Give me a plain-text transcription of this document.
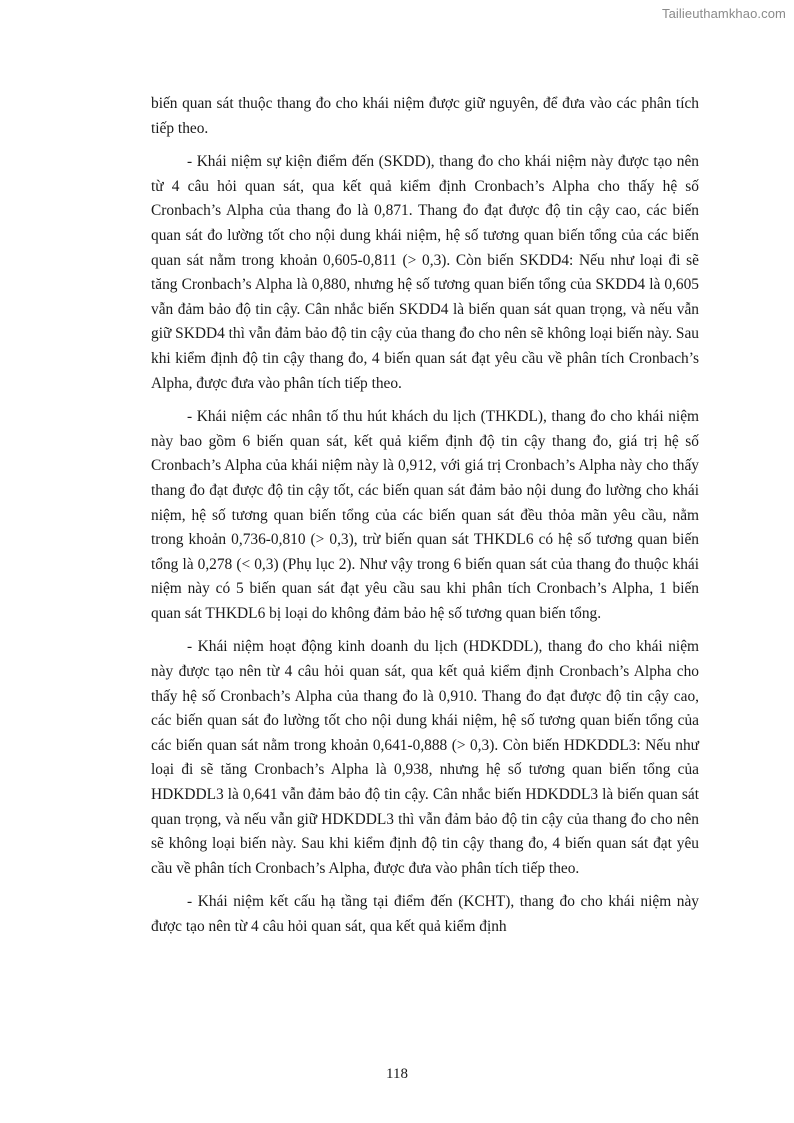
Tailieuthamkhao.com

biến quan sát thuộc thang đo cho khái niệm được giữ nguyên, để đưa vào các phân tích tiếp theo.

- Khái niệm sự kiện điểm đến (SKDD), thang đo cho khái niệm này được tạo nên từ 4 câu hỏi quan sát, qua kết quả kiểm định Cronbach’s Alpha cho thấy hệ số Cronbach’s Alpha của thang đo là 0,871. Thang đo đạt được độ tin cậy cao, các biến quan sát đo lường tốt cho nội dung khái niệm, hệ số tương quan biến tổng của các biến quan sát nằm trong khoản 0,605-0,811 (> 0,3). Còn biến SKDD4: Nếu như loại đi sẽ tăng Cronbach’s Alpha là 0,880, nhưng hệ số tương quan biến tổng của SKDD4 là 0,605 vẫn đảm bảo độ tin cậy. Cân nhắc biến SKDD4 là biến quan sát quan trọng, và nếu vẫn giữ SKDD4 thì vẫn đảm bảo độ tin cậy của thang đo cho nên sẽ không loại biến này. Sau khi kiểm định độ tin cậy thang đo, 4 biến quan sát đạt yêu cầu về phân tích Cronbach’s Alpha, được đưa vào phân tích tiếp theo.

- Khái niệm các nhân tố thu hút khách du lịch (THKDL), thang đo cho khái niệm này bao gồm 6 biến quan sát, kết quả kiểm định độ tin cậy thang đo, giá trị hệ số Cronbach’s Alpha của khái niệm này là 0,912, với giá trị Cronbach’s Alpha này cho thấy thang đo đạt được độ tin cậy tốt, các biến quan sát đảm bảo nội dung đo lường cho khái niệm, hệ số tương quan biến tổng của các biến quan sát đều thỏa mãn yêu cầu, nằm trong khoản 0,736-0,810 (> 0,3), trừ biến quan sát THKDL6 có hệ số tương quan biến tổng là 0,278 (< 0,3) (Phụ lục 2). Như vậy trong 6 biến quan sát của thang đo thuộc khái niệm này có 5 biến quan sát đạt yêu cầu sau khi phân tích Cronbach’s Alpha, 1 biến quan sát THKDL6 bị loại do không đảm bảo hệ số tương quan biến tổng.

- Khái niệm hoạt động kinh doanh du lịch (HDKDDL), thang đo cho khái niệm này được tạo nên từ 4 câu hỏi quan sát, qua kết quả kiểm định Cronbach’s Alpha cho thấy hệ số Cronbach’s Alpha của thang đo là 0,910. Thang đo đạt được độ tin cậy cao, các biến quan sát đo lường tốt cho nội dung khái niệm, hệ số tương quan biến tổng của các biến quan sát nằm trong khoản 0,641-0,888 (> 0,3). Còn biến HDKDDL3: Nếu như loại đi sẽ tăng Cronbach’s Alpha là 0,938, nhưng hệ số tương quan biến tổng của HDKDDL3 là 0,641 vẫn đảm bảo độ tin cậy. Cân nhắc biến HDKDDL3 là biến quan sát quan trọng, và nếu vẫn giữ HDKDDL3 thì vẫn đảm bảo độ tin cậy của thang đo cho nên sẽ không loại biến này. Sau khi kiểm định độ tin cậy thang đo, 4 biến quan sát đạt yêu cầu về phân tích Cronbach’s Alpha, được đưa vào phân tích tiếp theo.

- Khái niệm kết cấu hạ tầng tại điểm đến (KCHT), thang đo cho khái niệm này được tạo nên từ 4 câu hỏi quan sát, qua kết quả kiểm định

118
